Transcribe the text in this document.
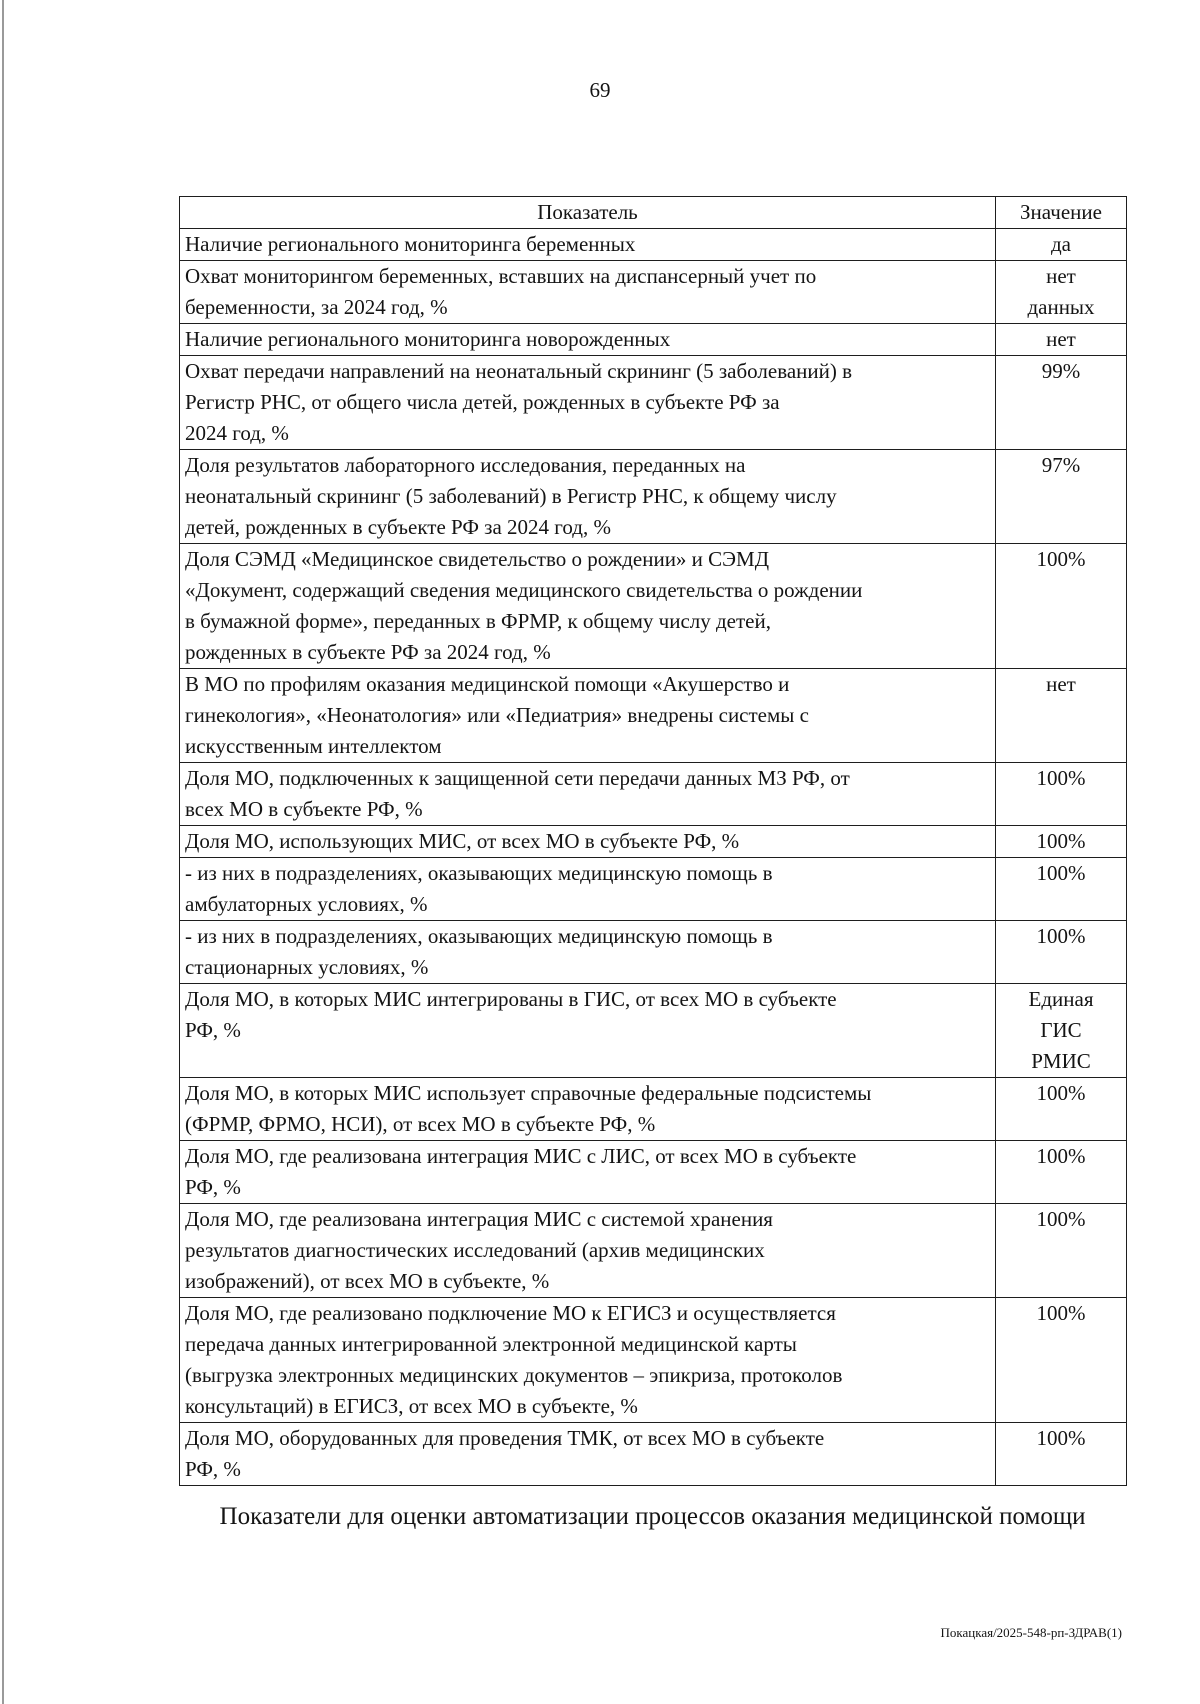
69
Показатель	Значение

Наличие регионального мониторинга беременных	да

Охват мониторингом беременных, вставших на диспансерный учет по
беременности, за 2024 год, %	нет
данных

Наличие регионального мониторинга новорожденных	нет

Охват передачи направлений на неонатальный скрининг (5 заболеваний) в
Регистр РНС, от общего числа детей, рожденных в субъекте РФ за
2024 год, %	99%

Доля результатов лабораторного исследования, переданных на
неонатальный скрининг (5 заболеваний) в Регистр РНС, к общему числу
детей, рожденных в субъекте РФ за 2024 год, %	97%

Доля СЭМД «Медицинское свидетельство о рождении» и СЭМД
«Документ, содержащий сведения медицинского свидетельства о рождении
в бумажной форме», переданных в ФРМР, к общему числу детей,
рожденных в субъекте РФ за 2024 год, %	100%

В МО по профилям оказания медицинской помощи «Акушерство и
гинекология», «Неонатология» или «Педиатрия» внедрены системы с
искусственным интеллектом	нет

Доля МО, подключенных к защищенной сети передачи данных МЗ РФ, от
всех МО в субъекте РФ, %	100%

Доля МО, использующих МИС, от всех МО в субъекте РФ, %	100%

- из них в подразделениях, оказывающих медицинскую помощь в
амбулаторных условиях, %	100%

- из них в подразделениях, оказывающих медицинскую помощь в
стационарных условиях, %	100%

Доля МО, в которых МИС интегрированы в ГИС, от всех МО в субъекте
РФ, %	Единая
ГИС
РМИС

Доля МО, в которых МИС использует справочные федеральные подсистемы
(ФРМР, ФРМО, НСИ), от всех МО в субъекте РФ, %	100%

Доля МО, где реализована интеграция МИС с ЛИС, от всех МО в субъекте
РФ, %	100%

Доля МО, где реализована интеграция МИС с системой хранения
результатов диагностических исследований (архив медицинских
изображений), от всех МО в субъекте, %	100%

Доля МО, где реализовано подключение МО к ЕГИСЗ и осуществляется
передача данных интегрированной электронной медицинской карты
(выгрузка электронных медицинских документов – эпикриза, протоколов
консультаций) в ЕГИСЗ, от всех МО в субъекте, %	100%

Доля МО, оборудованных для проведения ТМК, от всех МО в субъекте
РФ, %	100%
Показатели для оценки автоматизации процессов оказания медицинской помощи
Покацкая/2025-548-рп-ЗДРАВ(1)
